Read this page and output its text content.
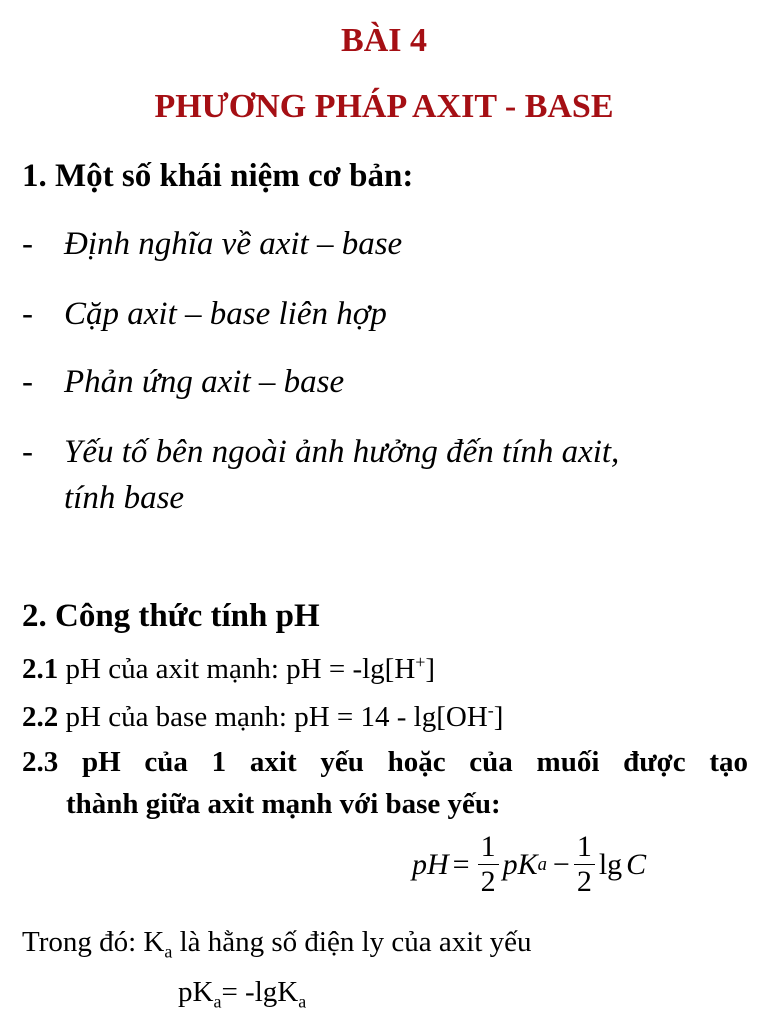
BÀI 4
PHƯƠNG PHÁP AXIT - BASE
1. Một số khái niệm cơ bản:
- Định nghĩa về axit – base
- Cặp axit – base liên hợp
- Phản ứng axit – base
- Yếu tố bên ngoài ảnh hưởng đến tính axit,
tính base
2. Công thức tính pH
2.1 pH của axit mạnh: pH = -lg[H+]
2.2 pH của base mạnh: pH = 14 - lg[OH-]
2.3 pH của 1 axit yếu hoặc của muối được tạo
thành giữa axit mạnh với base yếu:
pH = $\frac{1}{2}$ pK $a - \frac{1}{2}$ lg C
Trong đó: $K_a$ là hằng số điện ly của axit yếu
$pK_a= -\lg K_a$
